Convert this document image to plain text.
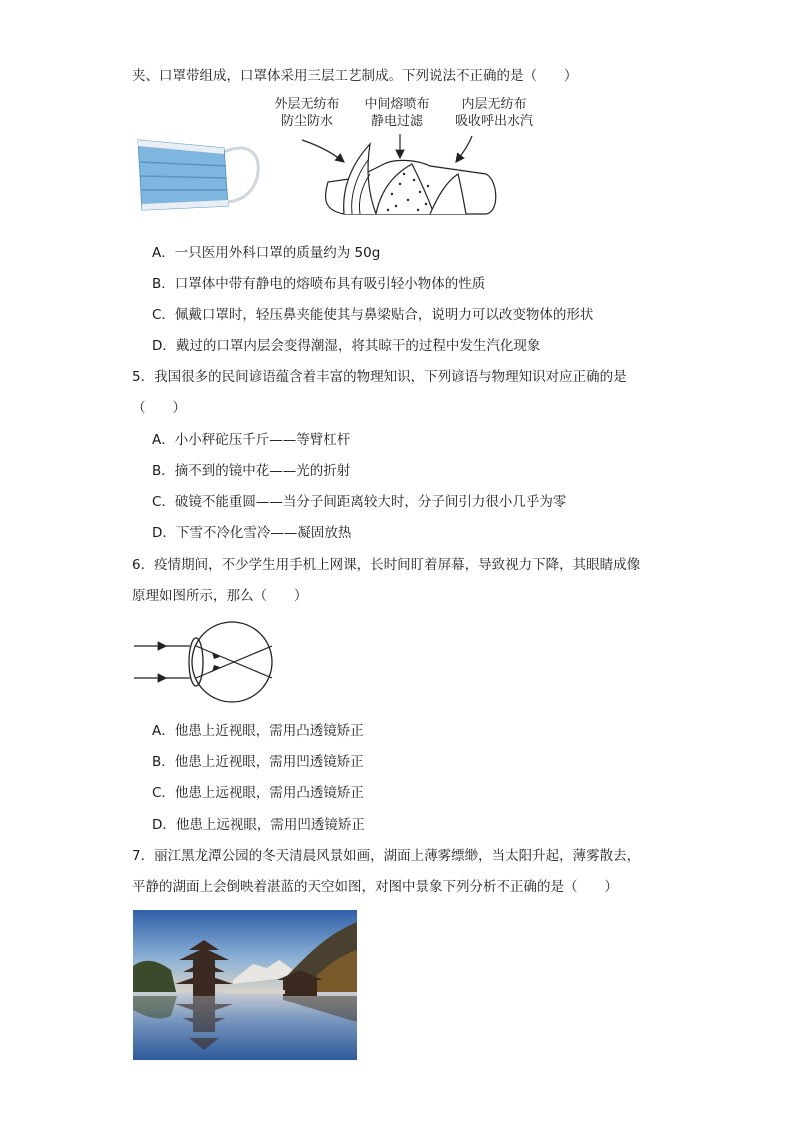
夹、口罩带组成，口罩体采用三层工艺制成。下列说法不正确的是（　　）
外层无纺布
防尘防水
中间熔喷布
静电过滤
内层无纺布
吸收呼出水汽
A．一只医用外科口罩的质量约为 50g
B．口罩体中带有静电的熔喷布具有吸引轻小物体的性质
C．佩戴口罩时，轻压鼻夹能使其与鼻梁贴合，说明力可以改变物体的形状
D．戴过的口罩内层会变得潮湿，将其晾干的过程中发生汽化现象
5．我国很多的民间谚语蕴含着丰富的物理知识，下列谚语与物理知识对应正确的是
（　　）
A．小小秤砣压千斤——等臂杠杆
B．摘不到的镜中花——光的折射
C．破镜不能重圆——当分子间距离较大时，分子间引力很小几乎为零
D．下雪不冷化雪冷——凝固放热
6．疫情期间，不少学生用手机上网课，长时间盯着屏幕，导致视力下降，其眼睛成像
原理如图所示，那么（　　）
A．他患上近视眼，需用凸透镜矫正
B．他患上近视眼，需用凹透镜矫正
C．他患上远视眼，需用凸透镜矫正
D．他患上远视眼，需用凹透镜矫正
7．丽江黑龙潭公园的冬天清晨风景如画，湖面上薄雾缥缈，当太阳升起，薄雾散去，
平静的湖面上会倒映着湛蓝的天空如图，对图中景象下列分析不正确的是（　　）
